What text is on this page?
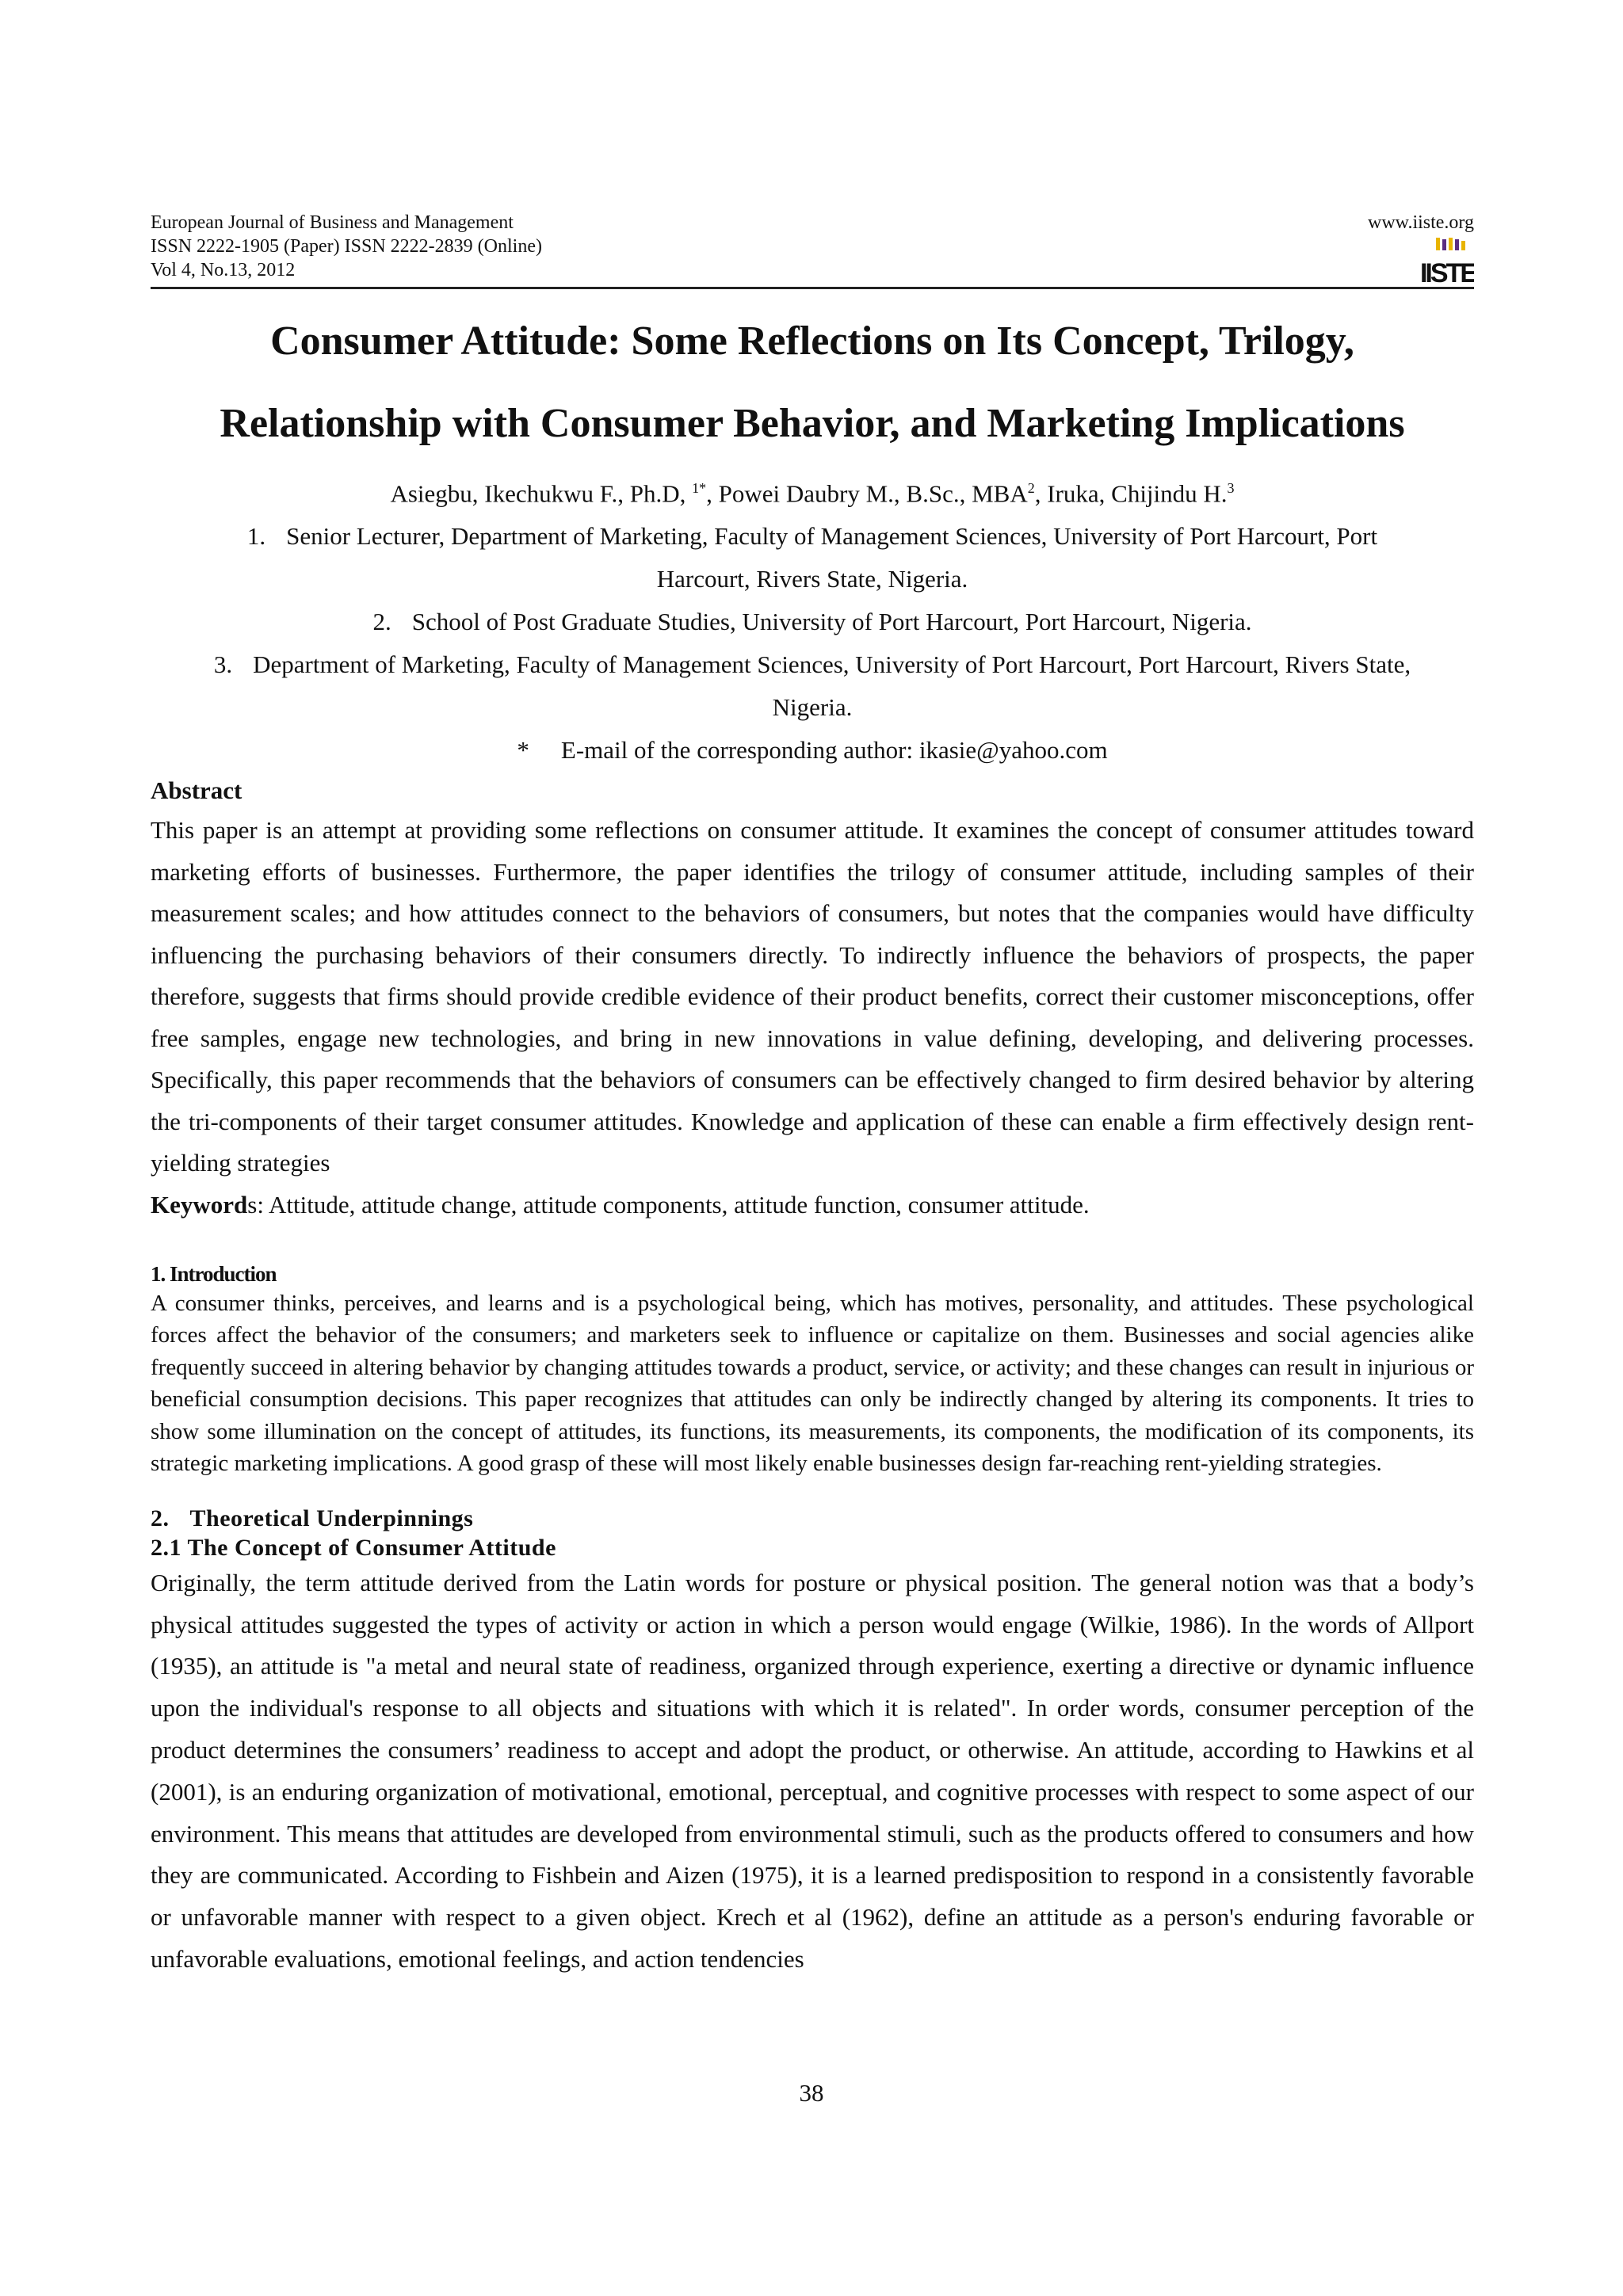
European Journal of Business and Management
ISSN 2222-1905 (Paper) ISSN 2222-2839 (Online)
Vol 4, No.13, 2012
www.iiste.org
IISTE
Consumer Attitude: Some Reflections on Its Concept, Trilogy,
Relationship with Consumer Behavior, and Marketing Implications
Asiegbu, Ikechukwu F., Ph.D, $^{1*}$, Powei Daubry M., B.Sc., MBA$^2$, Iruka, Chijindu H.$^3$
1. Senior Lecturer, Department of Marketing, Faculty of Management Sciences, University of Port Harcourt, Port
Harcourt, Rivers State, Nigeria.
2. School of Post Graduate Studies, University of Port Harcourt, Port Harcourt, Nigeria.
3. Department of Marketing, Faculty of Management Sciences, University of Port Harcourt, Port Harcourt, Rivers State,
Nigeria.
* E-mail of the corresponding author: ikasie@yahoo.com
Abstract

This paper is an attempt at providing some reflections on consumer attitude. It examines the concept of consumer attitudes toward marketing efforts of businesses. Furthermore, the paper identifies the trilogy of consumer attitude, including samples of their measurement scales; and how attitudes connect to the behaviors of consumers, but notes that the companies would have difficulty influencing the purchasing behaviors of their consumers directly. To indirectly influence the behaviors of prospects, the paper therefore, suggests that firms should provide credible evidence of their product benefits, correct their customer misconceptions, offer free samples, engage new technologies, and bring in new innovations in value defining, developing, and delivering processes. Specifically, this paper recommends that the behaviors of consumers can be effectively changed to firm desired behavior by altering the tri-components of their target consumer attitudes. Knowledge and application of these can enable a firm effectively design rent-yielding strategies

Keywords: Attitude, attitude change, attitude components, attitude function, consumer attitude.
1. Introduction

A consumer thinks, perceives, and learns and is a psychological being, which has motives, personality, and attitudes. These psychological forces affect the behavior of the consumers; and marketers seek to influence or capitalize on them. Businesses and social agencies alike frequently succeed in altering behavior by changing attitudes towards a product, service, or activity; and these changes can result in injurious or beneficial consumption decisions. This paper recognizes that attitudes can only be indirectly changed by altering its components. It tries to show some illumination on the concept of attitudes, its functions, its measurements, its components, the modification of its components, its strategic marketing implications. A good grasp of these will most likely enable businesses design far-reaching rent-yielding strategies.

2. Theoretical Underpinnings
2.1 The Concept of Consumer Attitude

Originally, the term attitude derived from the Latin words for posture or physical position. The general notion was that a body’s physical attitudes suggested the types of activity or action in which a person would engage (Wilkie, 1986). In the words of Allport (1935), an attitude is "a metal and neural state of readiness, organized through experience, exerting a directive or dynamic influence upon the individual's response to all objects and situations with which it is related". In order words, consumer perception of the product determines the consumers’ readiness to accept and adopt the product, or otherwise. An attitude, according to Hawkins et al (2001), is an enduring organization of motivational, emotional, perceptual, and cognitive processes with respect to some aspect of our environment. This means that attitudes are developed from environmental stimuli, such as the products offered to consumers and how they are communicated. According to Fishbein and Aizen (1975), it is a learned predisposition to respond in a consistently favorable or unfavorable manner with respect to a given object. Krech et al (1962), define an attitude as a person's enduring favorable or unfavorable evaluations, emotional feelings, and action tendencies

38
